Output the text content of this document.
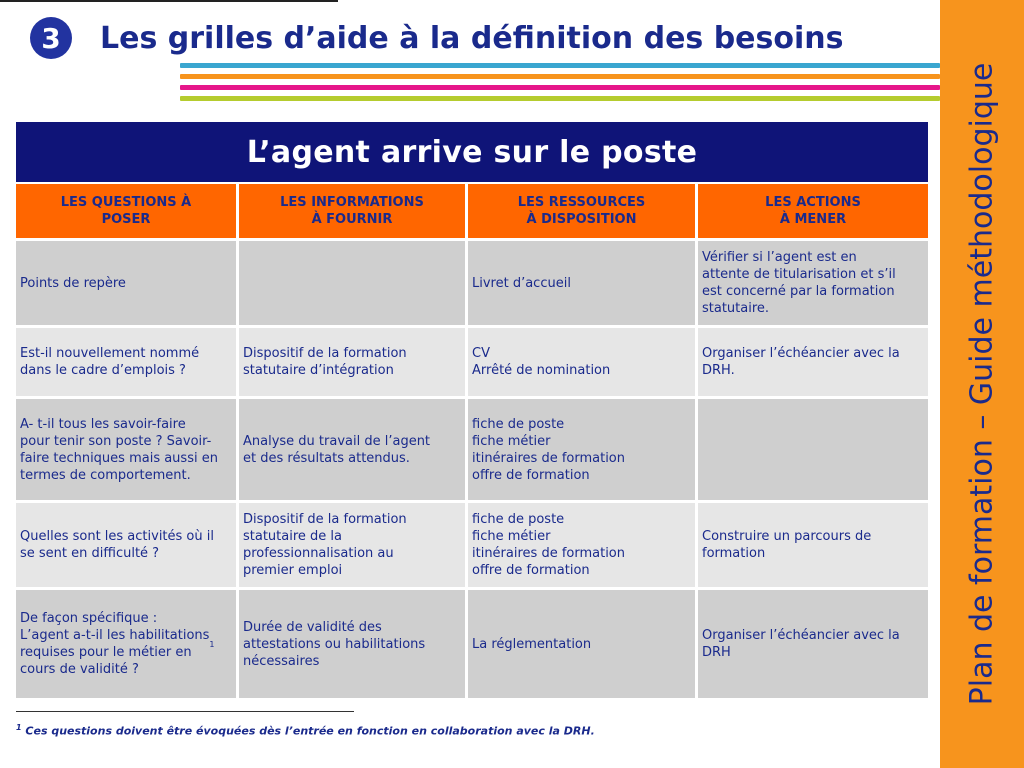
3	Les grilles d’aide à la définition des besoins
Plan de formation – Guide méthodologique
L’agent arrive sur le poste
LES QUESTIONS À
POSER
LES INFORMATIONS
À FOURNIR
LES RESSOURCES
À DISPOSITION
LES ACTIONS
À MENER
Points de repère	Livret d’accueil
Vérifier si l’agent est en
attente de titularisation et s’il
est concerné par la formation
statutaire.
Est-il nouvellement nommé
dans le cadre d’emplois ?
Dispositif de la formation
statutaire d’intégration
CV
Arrêté de nomination
Organiser l’échéancier avec la
DRH.
A- t-il tous les savoir-faire
pour tenir son poste ? Savoir-
faire techniques mais aussi en
termes de comportement.
Analyse du travail de l’agent
et des résultats attendus.
fiche de poste
fiche métier
itinéraires de formation
offre de formation
Quelles sont les activités où il
se sent en difficulté ?
Dispositif de la formation
statutaire de la
professionnalisation au
premier emploi
fiche de poste
fiche métier
itinéraires de formation
offre de formation
Construire un parcours de
formation
De façon spécifique :
L’agent a-t-il les habilitations
requises pour le métier en
cours de validité ?
1
Durée de validité des
attestations ou habilitations
nécessaires
La réglementation
Organiser l’échéancier avec la
DRH
$^1$ Ces questions doivent être évoquées dès l’entrée en fonction en collaboration avec la DRH.
